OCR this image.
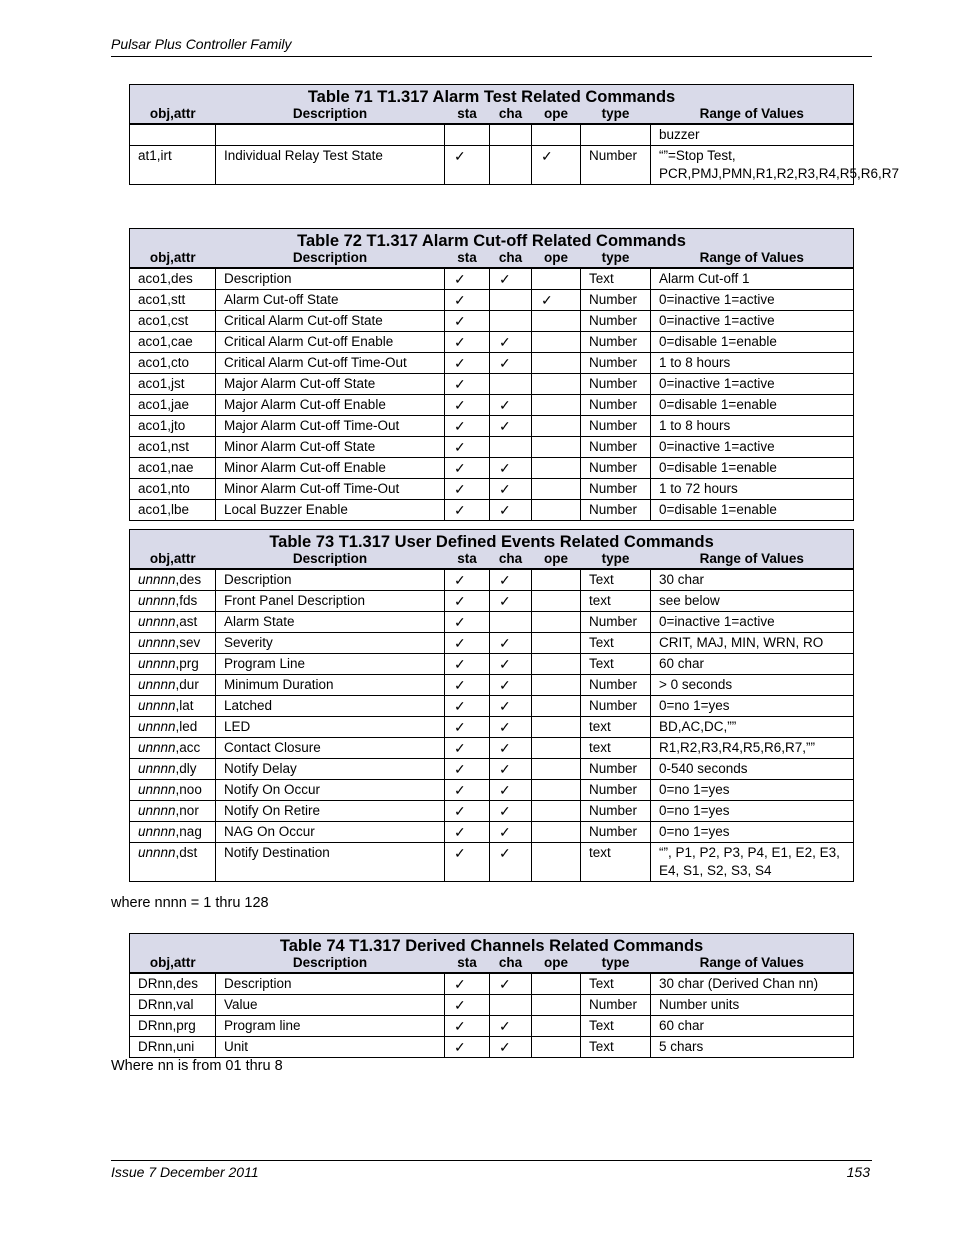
Pulsar Plus Controller Family
Table 71 T1.317 Alarm Test Related Commands						
obj,attr	Description	sta	cha	ope	type	Range of Values
						buzzer
at1,irt	Individual Relay Test State	✓		✓	Number	“”=Stop Test, PCR,PMJ,PMN,R1,R2,R3,R4,R5,R6,R7
Table 72 T1.317 Alarm Cut-off Related Commands						
obj,attr	Description	sta	cha	ope	type	Range of Values
aco1,des	Description	✓	✓		Text	Alarm Cut-off 1
aco1,stt	Alarm Cut-off State	✓		✓	Number	0=inactive 1=active
aco1,cst	Critical Alarm Cut-off State	✓			Number	0=inactive 1=active
aco1,cae	Critical Alarm Cut-off Enable	✓	✓		Number	0=disable 1=enable
aco1,cto	Critical Alarm Cut-off Time-Out	✓	✓		Number	1 to 8 hours
aco1,jst	Major Alarm Cut-off State	✓			Number	0=inactive 1=active
aco1,jae	Major Alarm Cut-off Enable	✓	✓		Number	0=disable 1=enable
aco1,jto	Major Alarm Cut-off Time-Out	✓	✓		Number	1 to 8 hours
aco1,nst	Minor Alarm Cut-off State	✓			Number	0=inactive 1=active
aco1,nae	Minor Alarm Cut-off Enable	✓	✓		Number	0=disable 1=enable
aco1,nto	Minor Alarm Cut-off Time-Out	✓	✓		Number	1 to 72 hours
aco1,lbe	Local Buzzer Enable	✓	✓		Number	0=disable 1=enable
Table 73 T1.317 User Defined Events Related Commands						
obj,attr	Description	sta	cha	ope	type	Range of Values
unnnn,des	Description	✓	✓		Text	30 char
unnnn,fds	Front Panel Description	✓	✓		text	see below
unnnn,ast	Alarm State	✓			Number	0=inactive 1=active
unnnn,sev	Severity	✓	✓		Text	CRIT, MAJ, MIN, WRN, RO
unnnn,prg	Program Line	✓	✓		Text	60 char
unnnn,dur	Minimum Duration	✓	✓		Number	> 0 seconds
unnnn,lat	Latched	✓	✓		Number	0=no 1=yes
unnnn,led	LED	✓	✓		text	BD,AC,DC,””
unnnn,acc	Contact Closure	✓	✓		text	R1,R2,R3,R4,R5,R6,R7,””
unnnn,dly	Notify Delay	✓	✓		Number	0-540 seconds
unnnn,noo	Notify On Occur	✓	✓		Number	0=no 1=yes
unnnn,nor	Notify On Retire	✓	✓		Number	0=no 1=yes
unnnn,nag	NAG On Occur	✓	✓		Number	0=no 1=yes
unnnn,dst	Notify Destination	✓	✓		text	“”, P1, P2, P3, P4, E1, E2, E3, E4, S1, S2, S3, S4
where nnnn = 1 thru 128
Table 74 T1.317 Derived Channels Related Commands						
obj,attr	Description	sta	cha	ope	type	Range of Values
DRnn,des	Description	✓	✓		Text	30 char (Derived Chan nn)
DRnn,val	Value	✓			Number	Number units
DRnn,prg	Program line	✓	✓		Text	60 char
DRnn,uni	Unit	✓	✓		Text	5 chars
Where nn is from 01 thru 8
Issue 7 December 2011	153
